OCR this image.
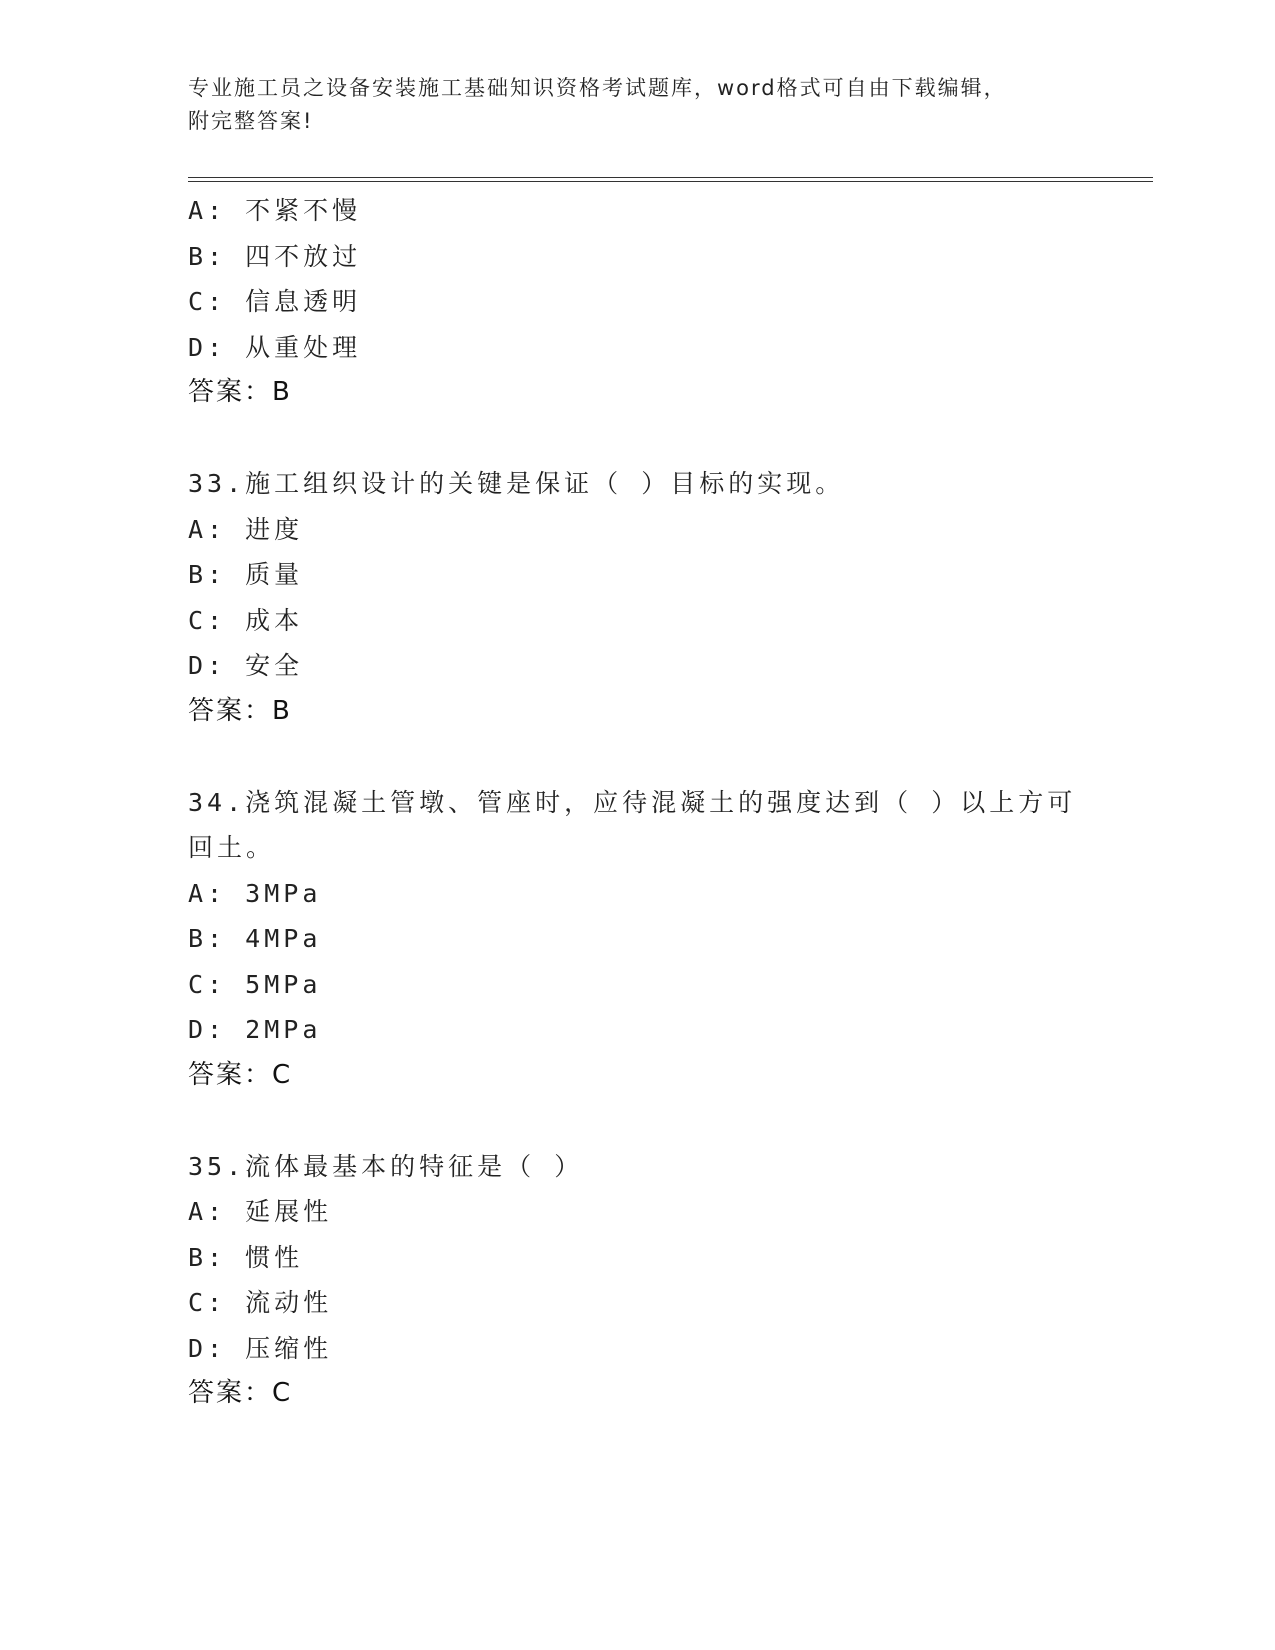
专业施工员之设备安装施工基础知识资格考试题库，word格式可自由下载编辑，
附完整答案!
A: 不紧不慢
B: 四不放过
C: 信息透明
D: 从重处理
答案：B
33.施工组织设计的关键是保证（ ）目标的实现。
A: 进度
B: 质量
C: 成本
D: 安全
答案：B
34.浇筑混凝土管墩、管座时，应待混凝土的强度达到（ ）以上方可
回土。
A: 3MPa
B: 4MPa
C: 5MPa
D: 2MPa
答案：C
35.流体最基本的特征是（ ）
A: 延展性
B: 惯性
C: 流动性
D: 压缩性
答案：C
